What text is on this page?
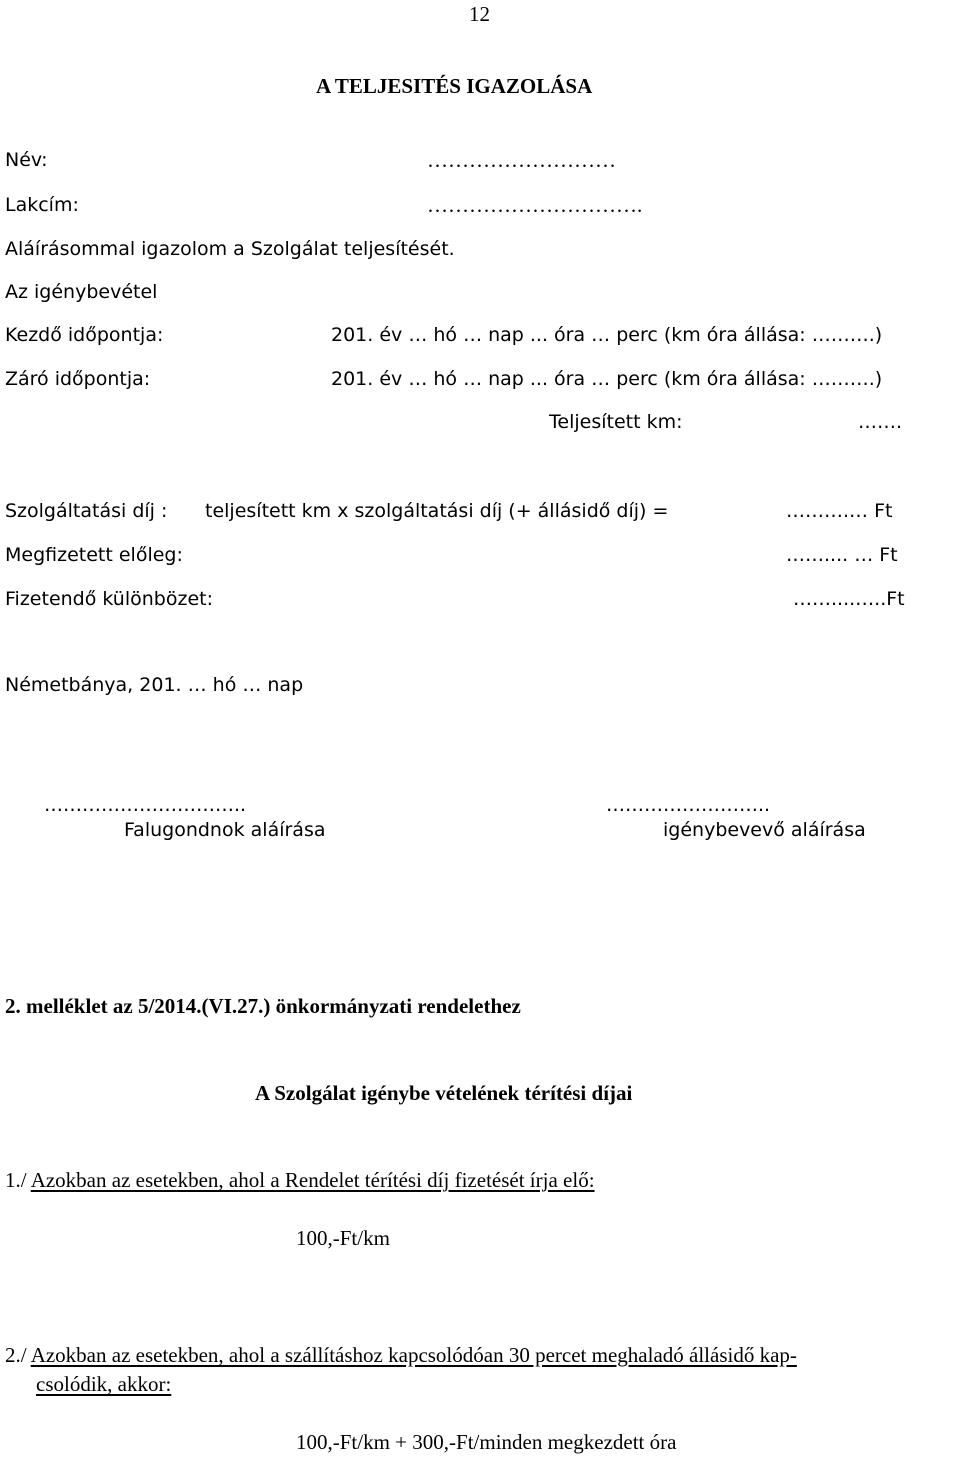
12
A TELJESITÉS IGAZOLÁSA
Név:	………………………
Lakcím:	………………………….
Aláírásommal igazolom a Szolgálat teljesítését.
Az igénybevétel
Kezdő időpontja:	201. év … hó … nap ... óra … perc (km óra állása: ……….)
Záró időpontja:	201. év … hó … nap ... óra … perc (km óra állása: ……….)
Teljesített km:	…….
Szolgáltatási díj : teljesített km x szolgáltatási díj (+ állásidő díj) =	……….… Ft
Megfizetett előleg:	…….... … Ft
Fizetendő különbözet:	……....…..Ft
Németbánya, 201. … hó … nap
…………………………..
Falugondnok aláírása
……………………..
igénybevevő aláírása
2. melléklet az 5/2014.(VI.27.) önkormányzati rendelethez
A Szolgálat igénybe vételének térítési díjai
1./ Azokban az esetekben, ahol a Rendelet térítési díj fizetését írja elő:
100,-Ft/km
2./ Azokban az esetekben, ahol a szállításhoz kapcsolódóan 30 percet meghaladó állásidő kap-
csolódik, akkor:
100,-Ft/km + 300,-Ft/minden megkezdett óra
